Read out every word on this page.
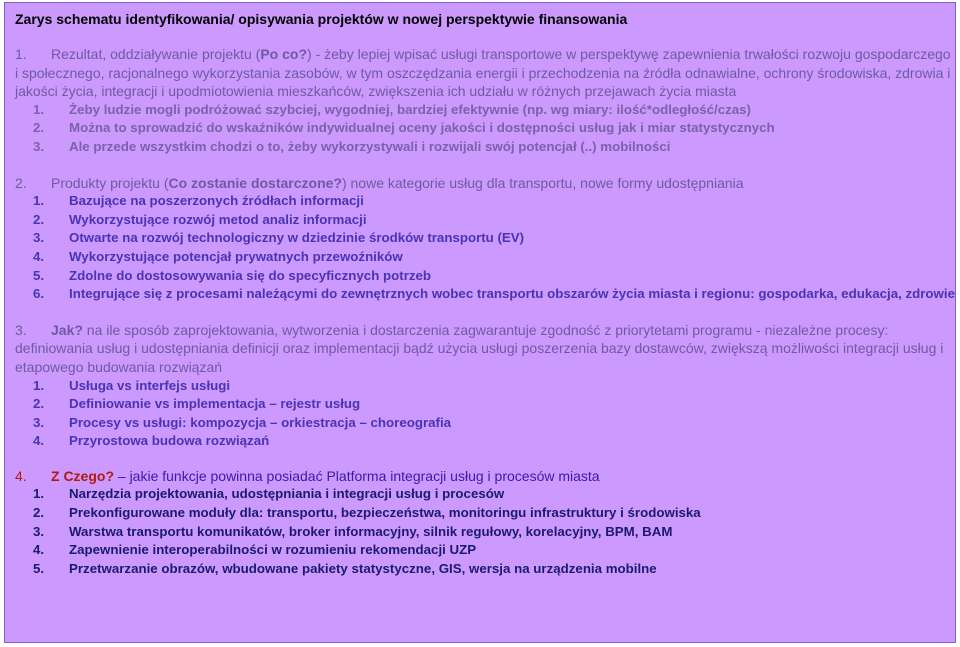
Zarys schematu identyfikowania/ opisywania projektów w nowej perspektywie finansowania
1. Rezultat, oddziaływanie projektu (Po co?) - żeby lepiej wpisać usługi transportowe w perspektywę zapewnienia trwałości rozwoju gospodarczego i społecznego, racjonalnego wykorzystania zasobów, w tym oszczędzania energii i przechodzenia na źródła odnawialne, ochrony środowiska, zdrowia i jakości życia, integracji i upodmiotowienia mieszkańców, zwiększenia ich udziału w różnych przejawach życia miasta
1. Żeby ludzie mogli podróżować szybciej, wygodniej, bardziej efektywnie (np. wg miary: ilość*odległość/czas)
2. Można to sprowadzić do wskaźników indywidualnej oceny jakości i dostępności usług jak i miar statystycznych
3. Ale przede wszystkim chodzi o to, żeby wykorzystywali i rozwijali swój potencjał (..) mobilności
2. Produkty projektu (Co zostanie dostarczone?) nowe kategorie usług dla transportu, nowe formy udostępniania
1. Bazujące na poszerzonych źródłach informacji
2. Wykorzystujące rozwój metod analiz informacji
3. Otwarte na rozwój technologiczny w dziedzinie środków transportu (EV)
4. Wykorzystujące potencjał prywatnych przewoźników
5. Zdolne do dostosowywania się do specyficznych potrzeb
6. Integrujące się z procesami należącymi do zewnętrznych wobec transportu obszarów życia miasta i regionu: gospodarka, edukacja, zdrowie
3. Jak? na ile sposób zaprojektowania, wytworzenia i dostarczenia zagwarantuje zgodność z priorytetami programu - niezależne procesy: definiowania usług i udostępniania definicji oraz implementacji bądź użycia usługi poszerzenia bazy dostawców, zwiększą możliwości integracji usług i etapowego budowania rozwiązań
1. Usługa vs interfejs usługi
2. Definiowanie vs implementacja – rejestr usług
3. Procesy vs usługi: kompozycja – orkiestracja – choreografia
4. Przyrostowa budowa rozwiązań
4. Z Czego? – jakie funkcje powinna posiadać Platforma integracji usług i procesów miasta
1. Narzędzia projektowania, udostępniania i integracji usług i procesów
2. Prekonfigurowane moduły dla: transportu, bezpieczeństwa, monitoringu infrastruktury i środowiska
3. Warstwa transportu komunikatów, broker informacyjny, silnik regułowy, korelacyjny, BPM, BAM
4. Zapewnienie interoperabilności w rozumieniu rekomendacji UZP
5. Przetwarzanie obrazów, wbudowane pakiety statystyczne, GIS, wersja na urządzenia mobilne
